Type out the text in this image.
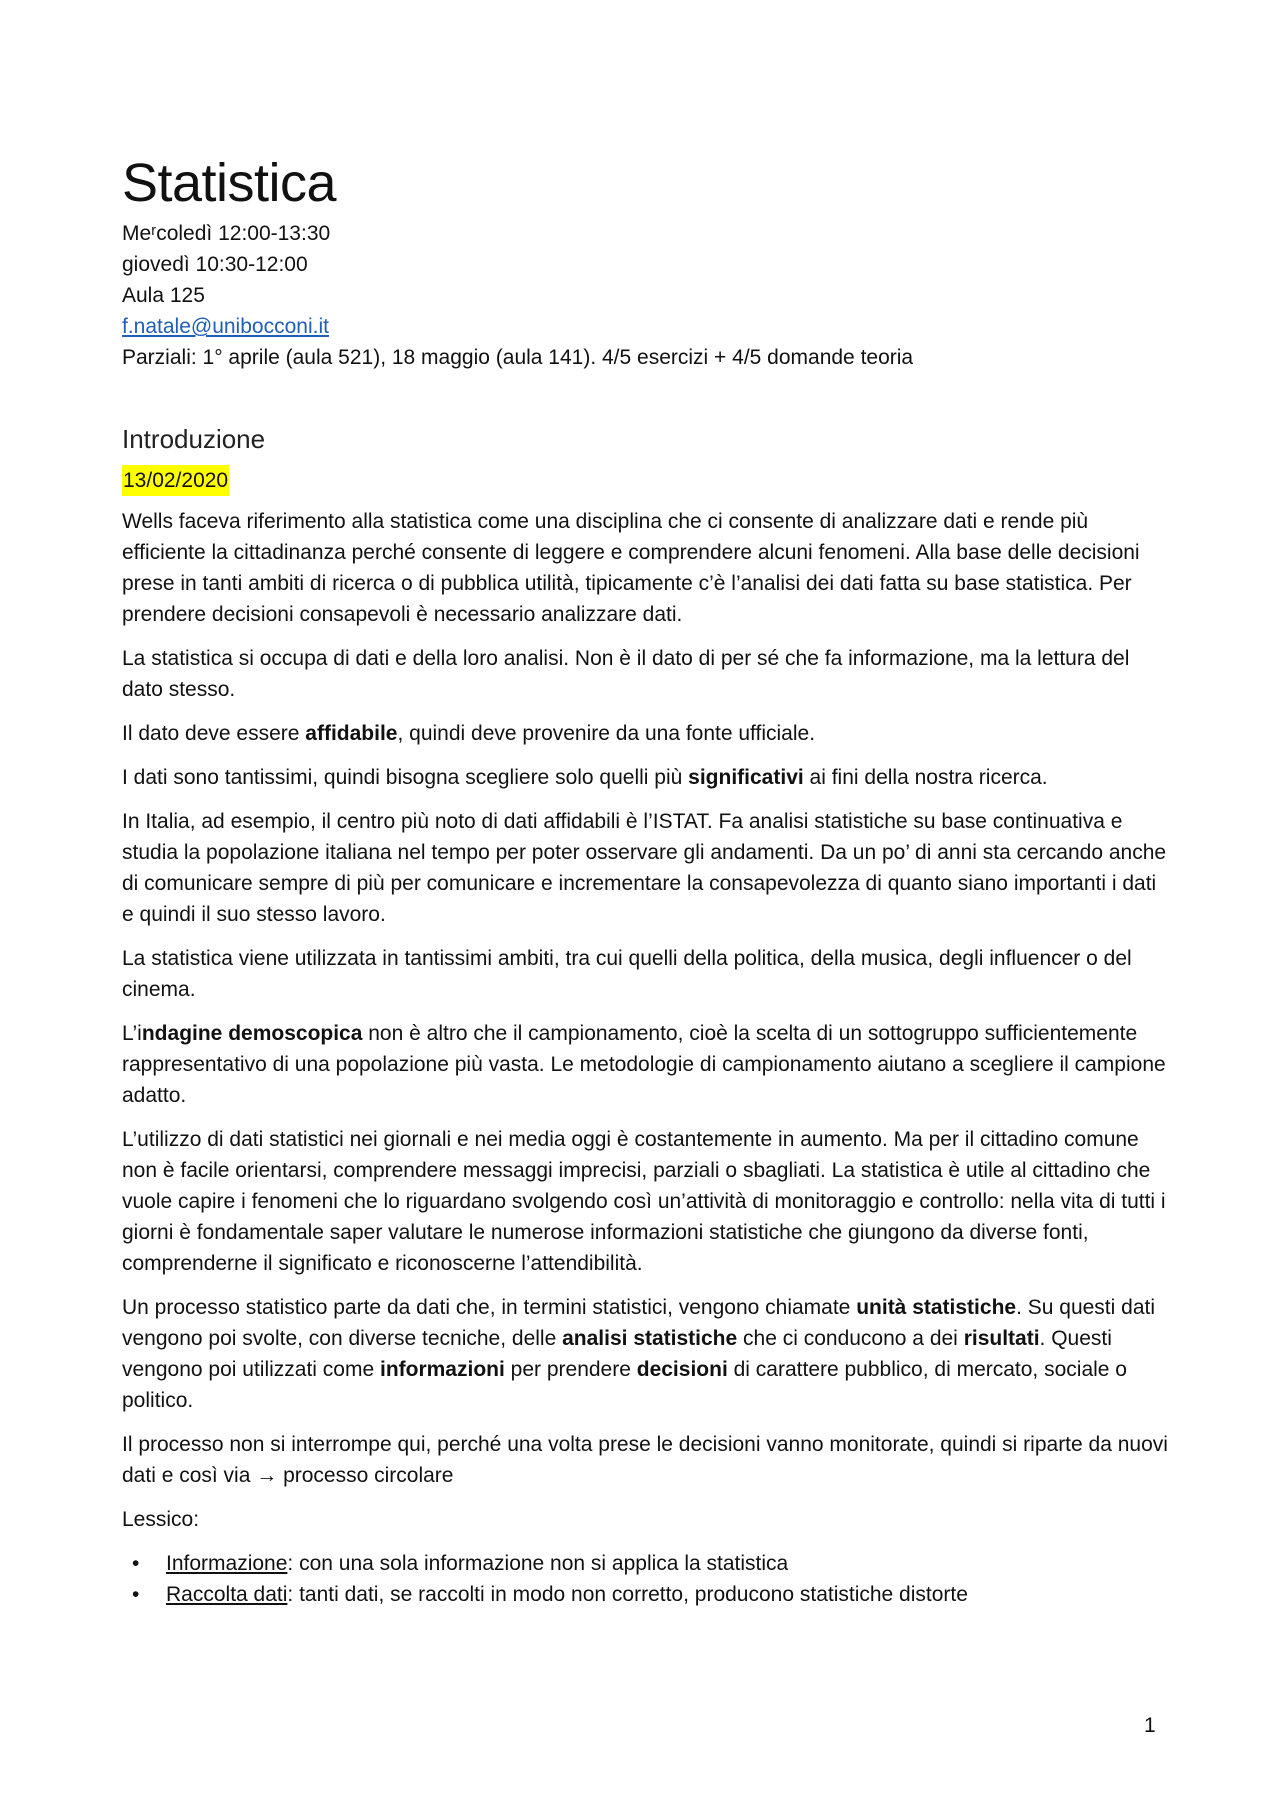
Statistica

Meʳcoledì 12:00-13:30

giovedì 10:30-12:00

Aula 125

f.natale@unibocconi.it

Parziali: 1° aprile (aula 521), 18 maggio (aula 141). 4/5 esercizi + 4/5 domande teoria

Introduzione
13/02/2020

Wells faceva riferimento alla statistica come una disciplina che ci consente di analizzare dati e rende più efficiente la cittadinanza perché consente di leggere e comprendere alcuni fenomeni. Alla base delle decisioni prese in tanti ambiti di ricerca o di pubblica utilità, tipicamente c’è l’analisi dei dati fatta su base statistica. Per prendere decisioni consapevoli è necessario analizzare dati.

La statistica si occupa di dati e della loro analisi. Non è il dato di per sé che fa informazione, ma la lettura del dato stesso.

Il dato deve essere affidabile, quindi deve provenire da una fonte ufficiale.

I dati sono tantissimi, quindi bisogna scegliere solo quelli più significativi ai fini della nostra ricerca.

In Italia, ad esempio, il centro più noto di dati affidabili è l’ISTAT. Fa analisi statistiche su base continuativa e studia la popolazione italiana nel tempo per poter osservare gli andamenti. Da un po’ di anni sta cercando anche di comunicare sempre di più per comunicare e incrementare la consapevolezza di quanto siano importanti i dati e quindi il suo stesso lavoro.

La statistica viene utilizzata in tantissimi ambiti, tra cui quelli della politica, della musica, degli influencer o del cinema.

L’indagine demoscopica non è altro che il campionamento, cioè la scelta di un sottogruppo sufficientemente rappresentativo di una popolazione più vasta. Le metodologie di campionamento aiutano a scegliere il campione adatto.

L’utilizzo di dati statistici nei giornali e nei media oggi è costantemente in aumento. Ma per il cittadino comune non è facile orientarsi, comprendere messaggi imprecisi, parziali o sbagliati. La statistica è utile al cittadino che vuole capire i fenomeni che lo riguardano svolgendo così un’attività di monitoraggio e controllo: nella vita di tutti i giorni è fondamentale saper valutare le numerose informazioni statistiche che giungono da diverse fonti, comprenderne il significato e riconoscerne l’attendibilità.

Un processo statistico parte da dati che, in termini statistici, vengono chiamate unità statistiche. Su questi dati vengono poi svolte, con diverse tecniche, delle analisi statistiche che ci conducono a dei risultati. Questi vengono poi utilizzati come informazioni per prendere decisioni di carattere pubblico, di mercato, sociale o politico.

Il processo non si interrompe qui, perché una volta prese le decisioni vanno monitorate, quindi si riparte da nuovi dati e così via → processo circolare

Lessico:

• Informazione: con una sola informazione non si applica la statistica
• Raccolta dati: tanti dati, se raccolti in modo non corretto, producono statistiche distorte
1
